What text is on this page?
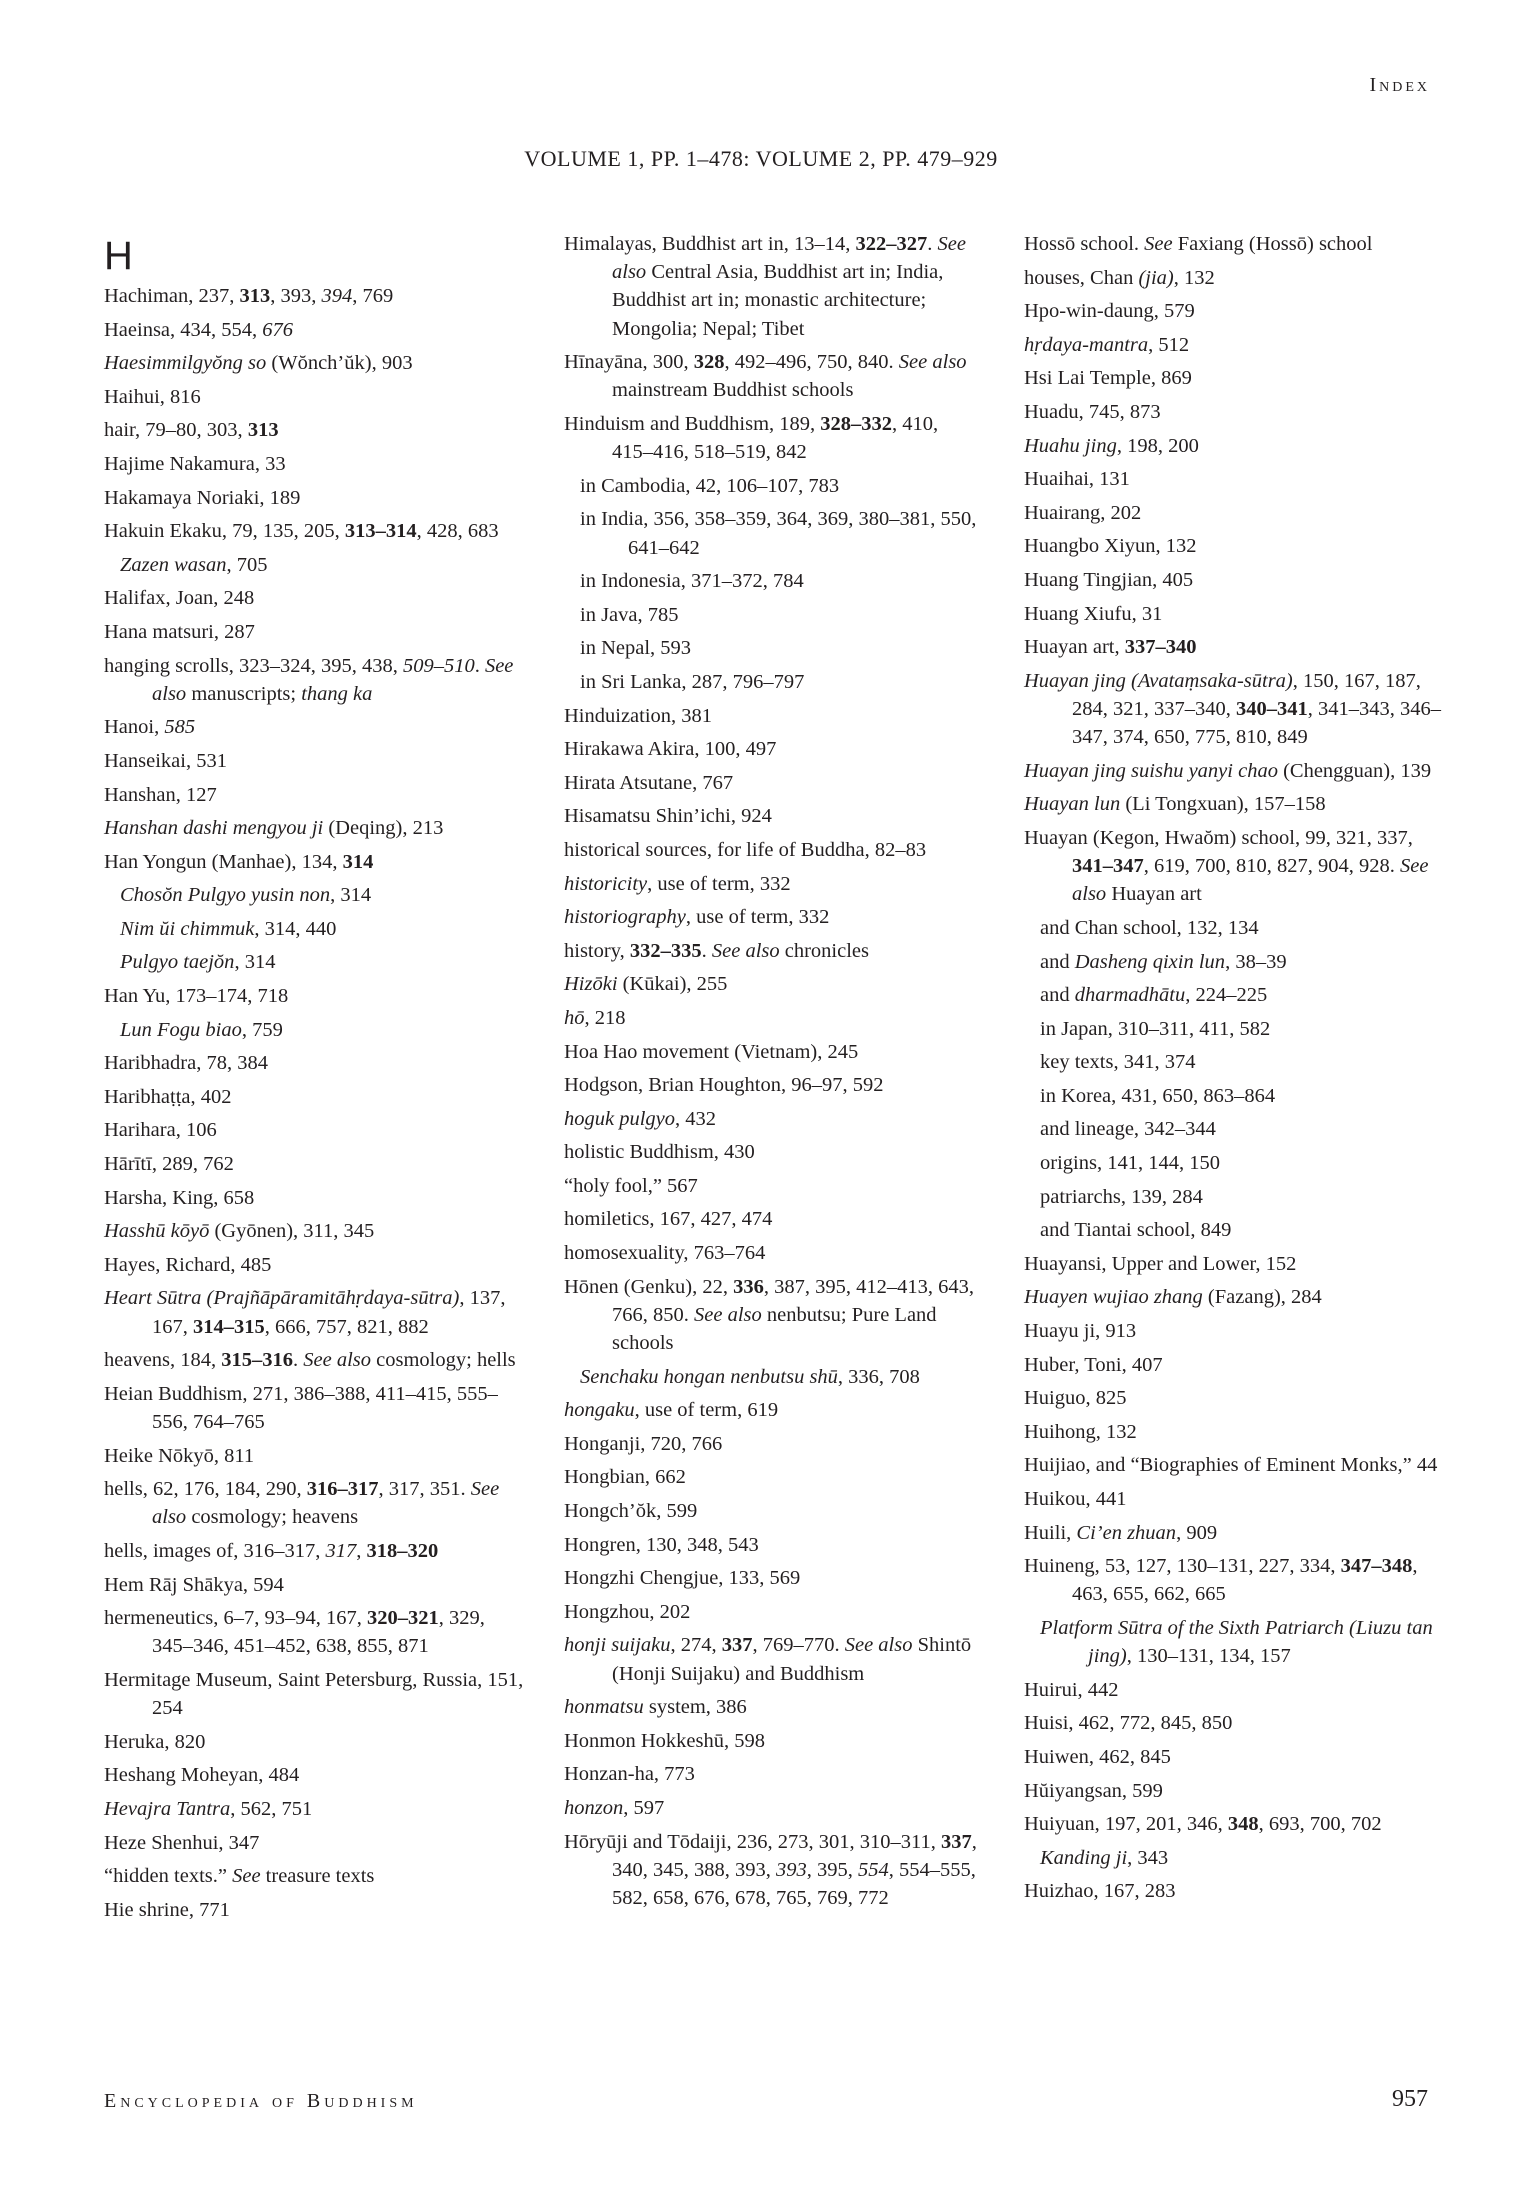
Index
VOLUME 1, PP. 1–478: VOLUME 2, PP. 479–929
H
Hachiman, 237, 313, 393, 394, 769
Haeinsa, 434, 554, 676
Haesimmilgyŏng so (Wŏnch’ŭk), 903
Haihui, 816
hair, 79–80, 303, 313
Hajime Nakamura, 33
Hakamaya Noriaki, 189
Hakuin Ekaku, 79, 135, 205, 313–314, 428, 683
Zazen wasan, 705
Halifax, Joan, 248
Hana matsuri, 287
hanging scrolls, 323–324, 395, 438, 509–510. See also manuscripts; thang ka
Hanoi, 585
Hanseikai, 531
Hanshan, 127
Hanshan dashi mengyou ji (Deqing), 213
Han Yongun (Manhae), 134, 314
Chosŏn Pulgyo yusin non, 314
Nim ŭi chimmuk, 314, 440
Pulgyo taejŏn, 314
Han Yu, 173–174, 718
Lun Fogu biao, 759
Haribhadra, 78, 384
Haribhaṭṭa, 402
Harihara, 106
Hārītī, 289, 762
Harsha, King, 658
Hasshū kōyō (Gyōnen), 311, 345
Hayes, Richard, 485
Heart Sūtra (Prajñāpāramitāhṛdaya-sūtra), 137, 167, 314–315, 666, 757, 821, 882
heavens, 184, 315–316. See also cosmology; hells
Heian Buddhism, 271, 386–388, 411–415, 555–556, 764–765
Heike Nōkyō, 811
hells, 62, 176, 184, 290, 316–317, 317, 351. See also cosmology; heavens
hells, images of, 316–317, 317, 318–320
Hem Rāj Shākya, 594
hermeneutics, 6–7, 93–94, 167, 320–321, 329, 345–346, 451–452, 638, 855, 871
Hermitage Museum, Saint Petersburg, Russia, 151, 254
Heruka, 820
Heshang Moheyan, 484
Hevajra Tantra, 562, 751
Heze Shenhui, 347
“hidden texts.” See treasure texts
Hie shrine, 771
Himalayas, Buddhist art in, 13–14, 322–327. See also Central Asia, Buddhist art in; India, Buddhist art in; monastic architecture; Mongolia; Nepal; Tibet
Hīnayāna, 300, 328, 492–496, 750, 840. See also mainstream Buddhist schools
Hinduism and Buddhism, 189, 328–332, 410, 415–416, 518–519, 842
in Cambodia, 42, 106–107, 783
in India, 356, 358–359, 364, 369, 380–381, 550, 641–642
in Indonesia, 371–372, 784
in Java, 785
in Nepal, 593
in Sri Lanka, 287, 796–797
Hinduization, 381
Hirakawa Akira, 100, 497
Hirata Atsutane, 767
Hisamatsu Shin’ichi, 924
historical sources, for life of Buddha, 82–83
historicity, use of term, 332
historiography, use of term, 332
history, 332–335. See also chronicles
Hizōki (Kūkai), 255
hō, 218
Hoa Hao movement (Vietnam), 245
Hodgson, Brian Houghton, 96–97, 592
hoguk pulgyo, 432
holistic Buddhism, 430
“holy fool,” 567
homiletics, 167, 427, 474
homosexuality, 763–764
Hōnen (Genku), 22, 336, 387, 395, 412–413, 643, 766, 850. See also nenbutsu; Pure Land schools
Senchaku hongan nenbutsu shū, 336, 708
hongaku, use of term, 619
Honganji, 720, 766
Hongbian, 662
Hongch’ŏk, 599
Hongren, 130, 348, 543
Hongzhi Chengjue, 133, 569
Hongzhou, 202
honji suijaku, 274, 337, 769–770. See also Shintō (Honji Suijaku) and Buddhism
honmatsu system, 386
Honmon Hokkeshū, 598
Honzan-ha, 773
honzon, 597
Hōryūji and Tōdaiji, 236, 273, 301, 310–311, 337, 340, 345, 388, 393, 393, 395, 554, 554–555, 582, 658, 676, 678, 765, 769, 772
Hossō school. See Faxiang (Hossō) school
houses, Chan (jia), 132
Hpo-win-daung, 579
hṛdaya-mantra, 512
Hsi Lai Temple, 869
Huadu, 745, 873
Huahu jing, 198, 200
Huaihai, 131
Huairang, 202
Huangbo Xiyun, 132
Huang Tingjian, 405
Huang Xiufu, 31
Huayan art, 337–340
Huayan jing (Avataṃsaka-sūtra), 150, 167, 187, 284, 321, 337–340, 340–341, 341–343, 346–347, 374, 650, 775, 810, 849
Huayan jing suishu yanyi chao (Chengguan), 139
Huayan lun (Li Tongxuan), 157–158
Huayan (Kegon, Hwaŏm) school, 99, 321, 337, 341–347, 619, 700, 810, 827, 904, 928. See also Huayan art
and Chan school, 132, 134
and Dasheng qixin lun, 38–39
and dharmadhātu, 224–225
in Japan, 310–311, 411, 582
key texts, 341, 374
in Korea, 431, 650, 863–864
and lineage, 342–344
origins, 141, 144, 150
patriarchs, 139, 284
and Tiantai school, 849
Huayansi, Upper and Lower, 152
Huayen wujiao zhang (Fazang), 284
Huayu ji, 913
Huber, Toni, 407
Huiguo, 825
Huihong, 132
Huijiao, and “Biographies of Eminent Monks,” 44
Huikou, 441
Huili, Ci’en zhuan, 909
Huineng, 53, 127, 130–131, 227, 334, 347–348, 463, 655, 662, 665
Platform Sūtra of the Sixth Patriarch (Liuzu tan jing), 130–131, 134, 157
Huirui, 442
Huisi, 462, 772, 845, 850
Huiwen, 462, 845
Hŭiyangsan, 599
Huiyuan, 197, 201, 346, 348, 693, 700, 702
Kanding ji, 343
Huizhao, 167, 283
Encyclopedia of Buddhism	957
